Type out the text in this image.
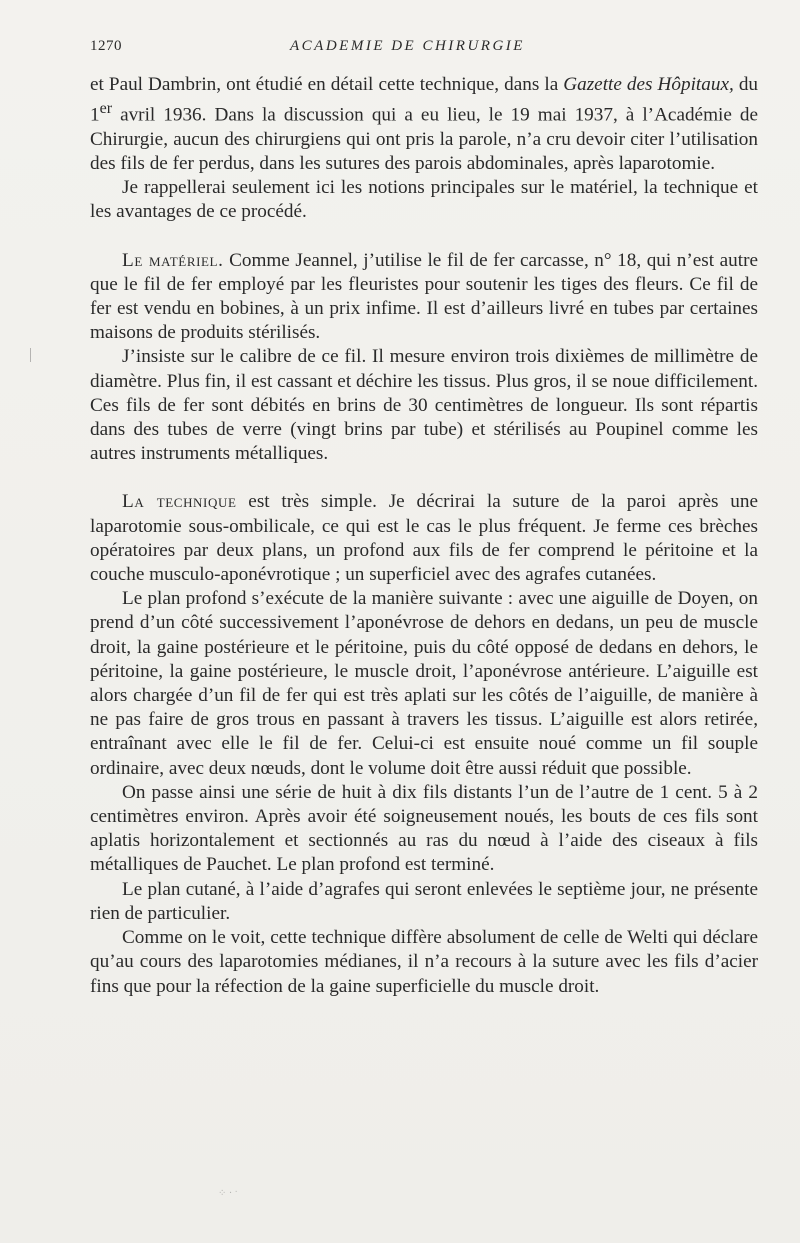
1270	ACADEMIE DE CHIRURGIE

et Paul Dambrin, ont étudié en détail cette technique, dans la Gazette des Hôpitaux, du 1er avril 1936. Dans la discussion qui a eu lieu, le 19 mai 1937, à l’Académie de Chirurgie, aucun des chirurgiens qui ont pris la parole, n’a cru devoir citer l’utilisation des fils de fer perdus, dans les sutures des parois abdominales, après laparotomie.

Je rappellerai seulement ici les notions principales sur le matériel, la technique et les avantages de ce procédé.

Le matériel. Comme Jeannel, j’utilise le fil de fer carcasse, n° 18, qui n’est autre que le fil de fer employé par les fleuristes pour soutenir les tiges des fleurs. Ce fil de fer est vendu en bobines, à un prix infime. Il est d’ailleurs livré en tubes par certaines maisons de produits stérilisés.

J’insiste sur le calibre de ce fil. Il mesure environ trois dixièmes de millimètre de diamètre. Plus fin, il est cassant et déchire les tissus. Plus gros, il se noue difficilement. Ces fils de fer sont débités en brins de 30 centimètres de longueur. Ils sont répartis dans des tubes de verre (vingt brins par tube) et stérilisés au Poupinel comme les autres instruments métalliques.

La technique est très simple. Je décrirai la suture de la paroi après une laparotomie sous-ombilicale, ce qui est le cas le plus fréquent. Je ferme ces brèches opératoires par deux plans, un profond aux fils de fer comprend le péritoine et la couche musculo-aponévrotique ; un superficiel avec des agrafes cutanées.

Le plan profond s’exécute de la manière suivante : avec une aiguille de Doyen, on prend d’un côté successivement l’aponévrose de dehors en dedans, un peu de muscle droit, la gaine postérieure et le péritoine, puis du côté opposé de dedans en dehors, le péritoine, la gaine postérieure, le muscle droit, l’aponévrose antérieure. L’aiguille est alors chargée d’un fil de fer qui est très aplati sur les côtés de l’aiguille, de manière à ne pas faire de gros trous en passant à travers les tissus. L’aiguille est alors retirée, entraînant avec elle le fil de fer. Celui-ci est ensuite noué comme un fil souple ordinaire, avec deux nœuds, dont le volume doit être aussi réduit que possible.

On passe ainsi une série de huit à dix fils distants l’un de l’autre de 1 cent. 5 à 2 centimètres environ. Après avoir été soigneusement noués, les bouts de ces fils sont aplatis horizontalement et sectionnés au ras du nœud à l’aide des ciseaux à fils métalliques de Pauchet. Le plan profond est terminé.

Le plan cutané, à l’aide d’agrafes qui seront enlevées le septième jour, ne présente rien de particulier.

Comme on le voit, cette technique diffère absolument de celle de Welti qui déclare qu’au cours des laparotomies médianes, il n’a recours à la suture avec les fils d’acier fins que pour la réfection de la gaine superficielle du muscle droit.

⁘ · ˑ
